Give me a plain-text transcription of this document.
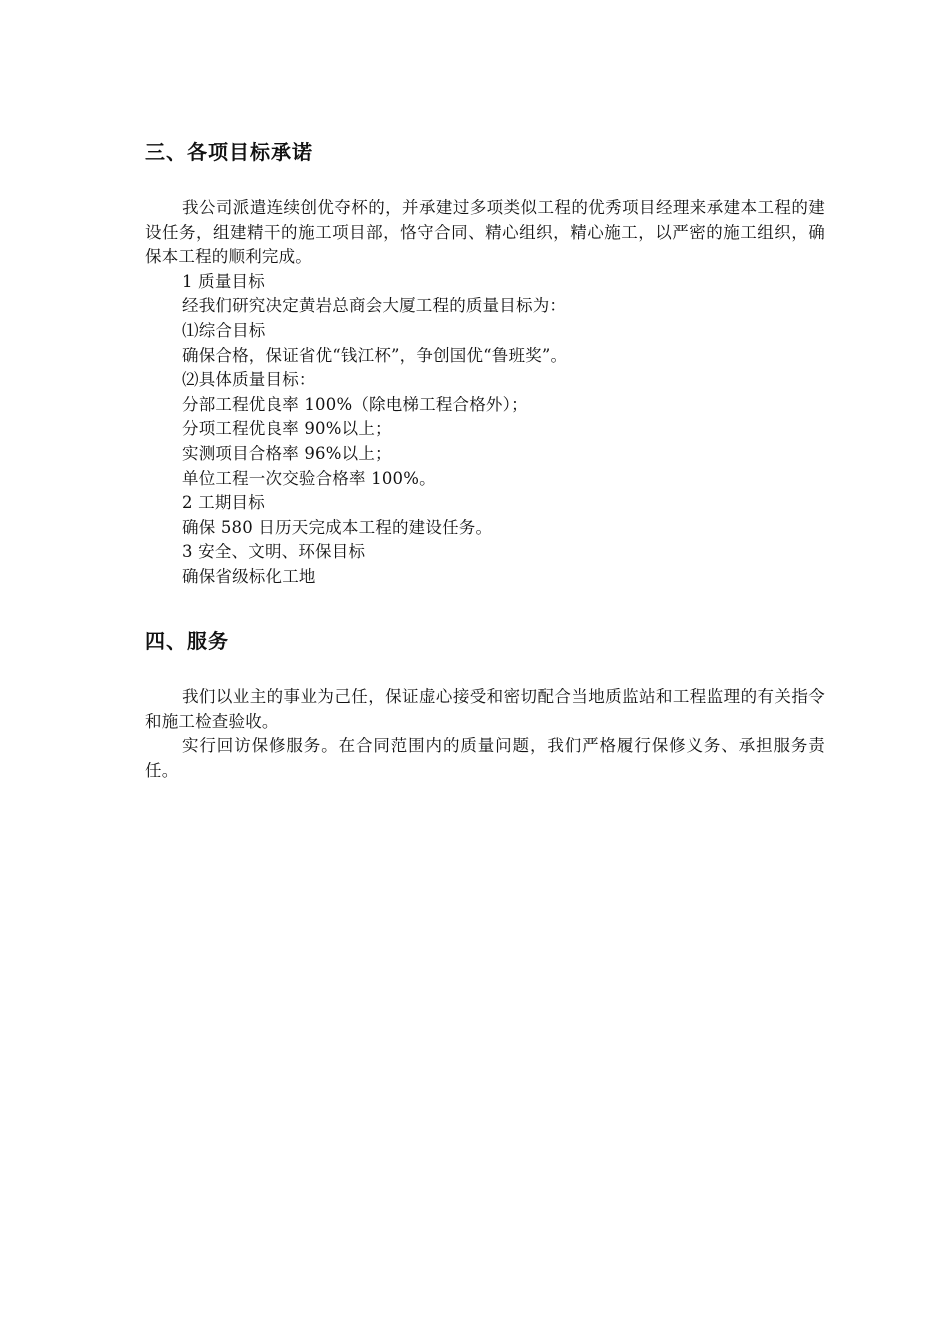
三、各项目标承诺

我公司派遣连续创优夺杯的，并承建过多项类似工程的优秀项目经理来承建本工程的建设任务，组建精干的施工项目部，恪守合同、精心组织，精心施工，以严密的施工组织，确保本工程的顺利完成。

1 质量目标

经我们研究决定黄岩总商会大厦工程的质量目标为：

⑴综合目标

确保合格，保证省优“钱江杯”，争创国优“鲁班奖”。

⑵具体质量目标：

分部工程优良率 100%（除电梯工程合格外）；

分项工程优良率 90%以上；

实测项目合格率 96%以上；

单位工程一次交验合格率 100%。

2 工期目标

确保 580 日历天完成本工程的建设任务。

3 安全、文明、环保目标

确保省级标化工地

四、服务

我们以业主的事业为己任，保证虚心接受和密切配合当地质监站和工程监理的有关指令和施工检查验收。

实行回访保修服务。在合同范围内的质量问题，我们严格履行保修义务、承担服务责任。
